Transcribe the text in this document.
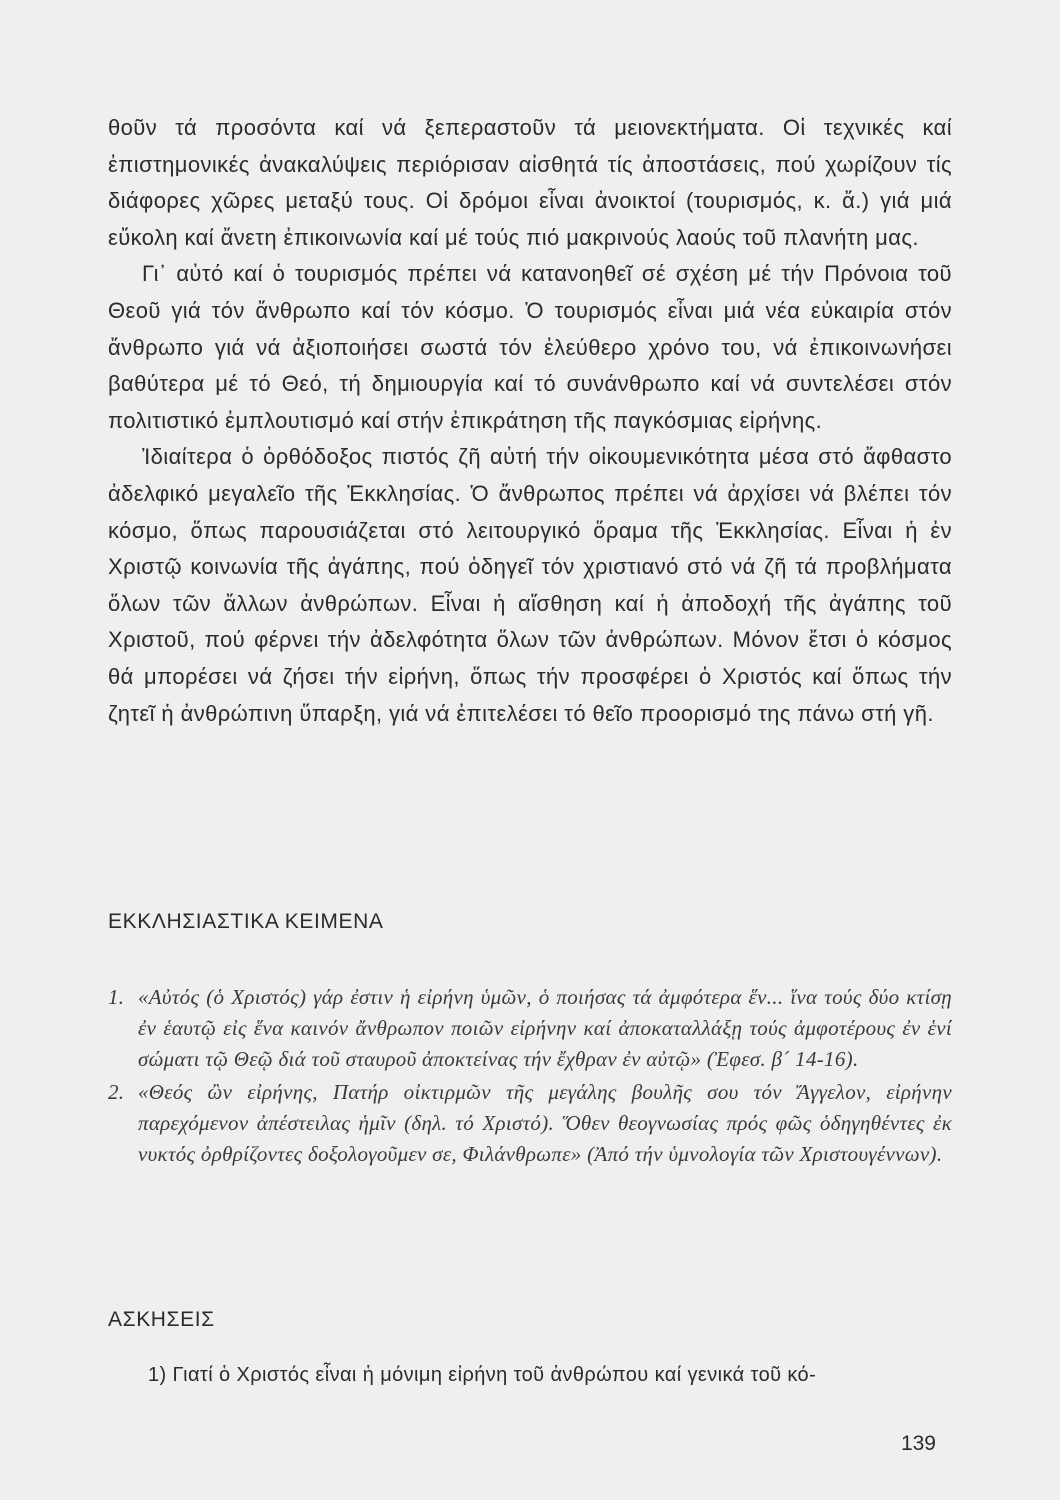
θοῦν τά προσόντα καί νά ξεπεραστοῦν τά μειονεκτήματα. Οἱ τεχνικές καί ἐπιστημονικές ἀνακαλύψεις περιόρισαν αἰσθητά τίς ἀποστάσεις, πού χωρίζουν τίς διάφορες χῶρες μεταξύ τους. Οἱ δρόμοι εἶναι ἀνοικτοί (τουρισμός, κ. ἄ.) γιά μιά εὔκολη καί ἄνετη ἐπικοινωνία καί μέ τούς πιό μακρινούς λαούς τοῦ πλανήτη μας.

Γι᾽ αὐτό καί ὁ τουρισμός πρέπει νά κατανοηθεῖ σέ σχέση μέ τήν Πρόνοια τοῦ Θεοῦ γιά τόν ἄνθρωπο καί τόν κόσμο. Ὁ τουρισμός εἶναι μιά νέα εὐκαιρία στόν ἄνθρωπο γιά νά ἀξιοποιήσει σωστά τόν ἐλεύθερο χρόνο του, νά ἐπικοινωνήσει βαθύτερα μέ τό Θεό, τή δημιουργία καί τό συνάνθρωπο καί νά συντελέσει στόν πολιτιστικό ἐμπλουτισμό καί στήν ἐπικράτηση τῆς παγκόσμιας εἰρήνης.

Ἰδιαίτερα ὁ ὀρθόδοξος πιστός ζῆ αὐτή τήν οἰκουμενικότητα μέσα στό ἄφθαστο ἀδελφικό μεγαλεῖο τῆς Ἐκκλησίας. Ὁ ἄνθρωπος πρέπει νά ἀρχίσει νά βλέπει τόν κόσμο, ὅπως παρουσιάζεται στό λειτουργικό ὅραμα τῆς Ἐκκλησίας. Εἶναι ἡ ἐν Χριστῷ κοινωνία τῆς ἀγάπης, πού ὁδηγεῖ τόν χριστιανό στό νά ζῆ τά προβλήματα ὅλων τῶν ἄλλων ἀνθρώπων. Εἶναι ἡ αἴσθηση καί ἡ ἀποδοχή τῆς ἀγάπης τοῦ Χριστοῦ, πού φέρνει τήν ἀδελφότητα ὅλων τῶν ἀνθρώπων. Μόνον ἔτσι ὁ κόσμος θά μπορέσει νά ζήσει τήν εἰρήνη, ὅπως τήν προσφέρει ὁ Χριστός καί ὅπως τήν ζητεῖ ἡ ἀνθρώπινη ὕπαρξη, γιά νά ἐπιτελέσει τό θεῖο προορισμό της πάνω στή γῆ.

ΕΚΚΛΗΣΙΑΣΤΙΚΑ ΚΕΙΜΕΝΑ
1. «Αὐτός (ὁ Χριστός) γάρ ἐστιν ἡ εἰρήνη ὑμῶν, ὁ ποιήσας τά ἀμφότερα ἕν... ἵνα τούς δύο κτίσῃ ἐν ἑαυτῷ εἰς ἕνα καινόν ἄνθρωπον ποιῶν εἰρήνην καί ἀποκαταλλάξῃ τούς ἀμφοτέρους ἐν ἑνί σώματι τῷ Θεῷ διά τοῦ σταυροῦ ἀποκτείνας τήν ἔχθραν ἐν αὐτῷ» (Ἐφεσ. β´ 14-16).
2. «Θεός ὢν εἰρήνης, Πατήρ οἰκτιρμῶν τῆς μεγάλης βουλῆς σου τόν Ἄγγελον, εἰρήνην παρεχόμενον ἀπέστειλας ἡμῖν (δηλ. τό Χριστό). Ὅθεν θεογνωσίας πρός φῶς ὁδηγηθέντες ἐκ νυκτός ὀρθρίζοντες δοξολογοῦμεν σε, Φιλάνθρωπε» (Ἀπό τήν ὑμνολογία τῶν Χριστουγέννων).
ΑΣΚΗΣΕΙΣ

1) Γιατί ὁ Χριστός εἶναι ἡ μόνιμη εἰρήνη τοῦ ἀνθρώπου καί γενικά τοῦ κό-

139
